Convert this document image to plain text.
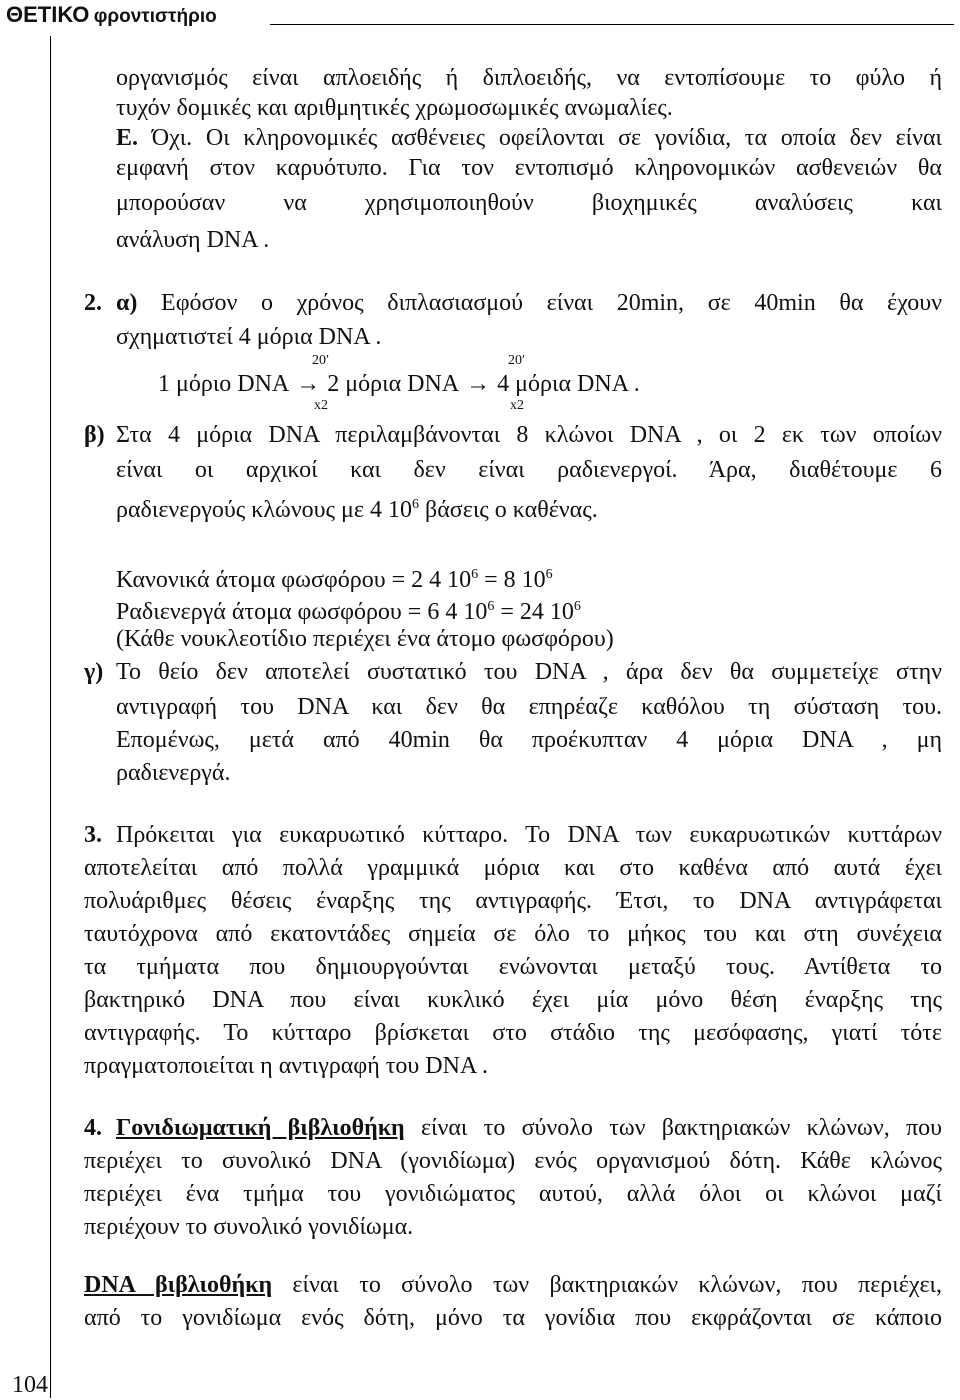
ΘΕΤΙΚΟ φροντιστήριο
οργανισμός είναι απλοειδής ή διπλοειδής, να εντοπίσουμε το φύλο ή
τυχόν δομικές και αριθμητικές χρωμοσωμικές ανωμαλίες.
Ε. Όχι. Οι κληρονομικές ασθένειες οφείλονται σε γονίδια, τα οποία δεν είναι
εμφανή στον καρυότυπο. Για τον εντοπισμό κληρονομικών ασθενειών θα
μπορούσαν να χρησιμοποιηθούν βιοχημικές αναλύσεις και
ανάλυση DNA .
2. α) Εφόσον ο χρόνος διπλασιασμού είναι 20min, σε 40min θα έχουν
σχηματιστεί 4 μόρια DNA .
20′	20′
1 μόριο DNA → 2 μόρια DNA → 4 μόρια DNA .
x2	x2
β) Στα 4 μόρια DNA περιλαμβάνονται 8 κλώνοι DNA , οι 2 εκ των οποίων
είναι οι αρχικοί και δεν είναι ραδιενεργοί. Άρα, διαθέτουμε 6
ραδιενεργούς κλώνους με 4 $10^6$ βάσεις ο καθένας.
Κανονικά άτομα φωσφόρου = 2 4 $10^6 = 8$ $10^6$
Ραδιενεργά άτομα φωσφόρου = 6 4 $10^6 = 24$ $10^6$
(Κάθε νουκλεοτίδιο περιέχει ένα άτομο φωσφόρου)
γ) Το θείο δεν αποτελεί συστατικό του DNA , άρα δεν θα συμμετείχε στην
αντιγραφή του DNA και δεν θα επηρέαζε καθόλου τη σύσταση του.
Επομένως, μετά από 40min θα προέκυπταν 4 μόρια DNA , μη
ραδιενεργά.
3. Πρόκειται για ευκαρυωτικό κύτταρο. Το DNA των ευκαρυωτικών κυττάρων
αποτελείται από πολλά γραμμικά μόρια και στο καθένα από αυτά έχει
πολυάριθμες θέσεις έναρξης της αντιγραφής. Έτσι, το DNA αντιγράφεται
ταυτόχρονα από εκατοντάδες σημεία σε όλο το μήκος του και στη συνέχεια
τα τμήματα που δημιουργούνται ενώνονται μεταξύ τους. Αντίθετα το
βακτηρικό DNA που είναι κυκλικό έχει μία μόνο θέση έναρξης της
αντιγραφής. Το κύτταρο βρίσκεται στο στάδιο της μεσόφασης, γιατί τότε
πραγματοποιείται η αντιγραφή του DNA .
4. Γονιδιωματική βιβλιοθήκη είναι το σύνολο των βακτηριακών κλώνων, που
περιέχει το συνολικό DNA (γονιδίωμα) ενός οργανισμού δότη. Κάθε κλώνος
περιέχει ένα τμήμα του γονιδιώματος αυτού, αλλά όλοι οι κλώνοι μαζί
περιέχουν το συνολικό γονιδίωμα.
DNA βιβλιοθήκη είναι το σύνολο των βακτηριακών κλώνων, που περιέχει,
από το γονιδίωμα ενός δότη, μόνο τα γονίδια που εκφράζονται σε κάποιο
104
